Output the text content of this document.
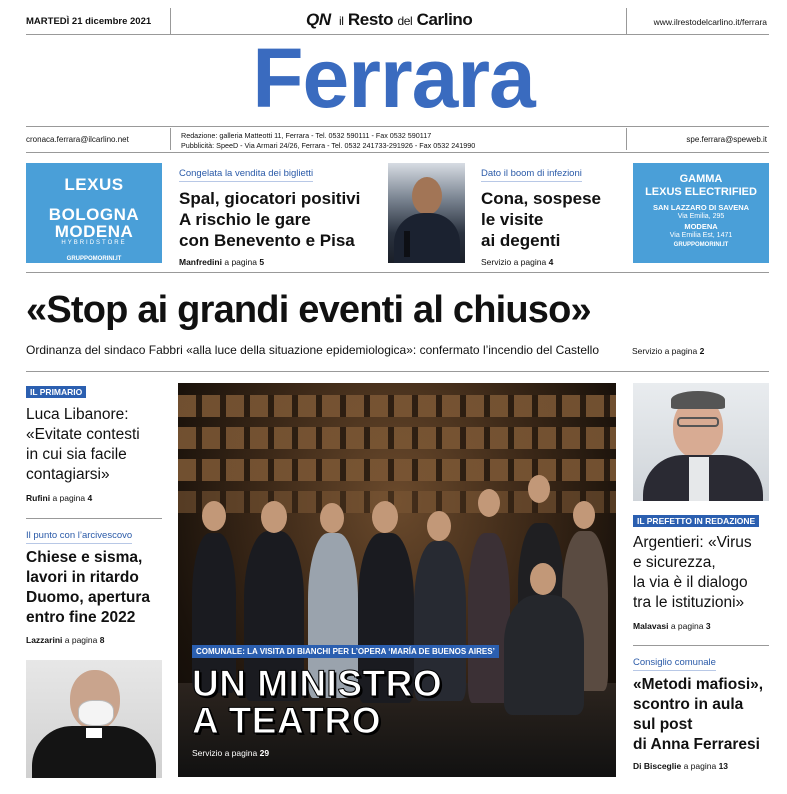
MARTEDÌ 21 dicembre 2021	QN il Resto del Carlino	www.ilrestodelcarlino.it/ferrara
Ferrara
cronaca.ferrara@ilcarlino.net	Redazione: galleria Matteotti 11, Ferrara - Tel. 0532 590111 - Fax 0532 590117
Pubblicità: SpeeD - Via Armari 24/26, Ferrara - Tel. 0532 241733-291926 - Fax 0532 241990
spe.ferrara@speweb.it
LEXUS
BOLOGNA
MODENA
HYBRIDSTORE
GRUPPOMORINI.IT
Congelata la vendita dei biglietti
Spal, giocatori positivi
A rischio le gare
con Benevento e Pisa
Manfredini a pagina 5
Dato il boom di infezioni
Cona, sospese
le visite
ai degenti
Servizio a pagina 4
GAMMA
LEXUS ELECTRIFIED
SAN LAZZARO DI SAVENA
Via Emilia, 295
MODENA
Via Emilia Est, 1471
GRUPPOMORINI.IT
«Stop ai grandi eventi al chiuso»
Ordinanza del sindaco Fabbri «alla luce della situazione epidemiologica»: confermato l’incendio del Castello	Servizio a pagina 2
IL PRIMARIO
Luca Libanore:
«Evitate contesti
in cui sia facile
contagiarsi»
Rufini a pagina 4
Il punto con l’arcivescovo
Chiese e sisma,
lavori in ritardo
Duomo, apertura
entro fine 2022
Lazzarini a pagina 8
COMUNALE: LA VISITA DI BIANCHI PER L’OPERA ‘MARÍA DE BUENOS AIRES’
UN MINISTRO
A TEATRO
Servizio a pagina 29
IL PREFETTO IN REDAZIONE
Argentieri: «Virus
e sicurezza,
la via è il dialogo
tra le istituzioni»
Malavasi a pagina 3
Consiglio comunale
«Metodi mafiosi»,
scontro in aula
sul post
di Anna Ferraresi
Di Bisceglie a pagina 13
